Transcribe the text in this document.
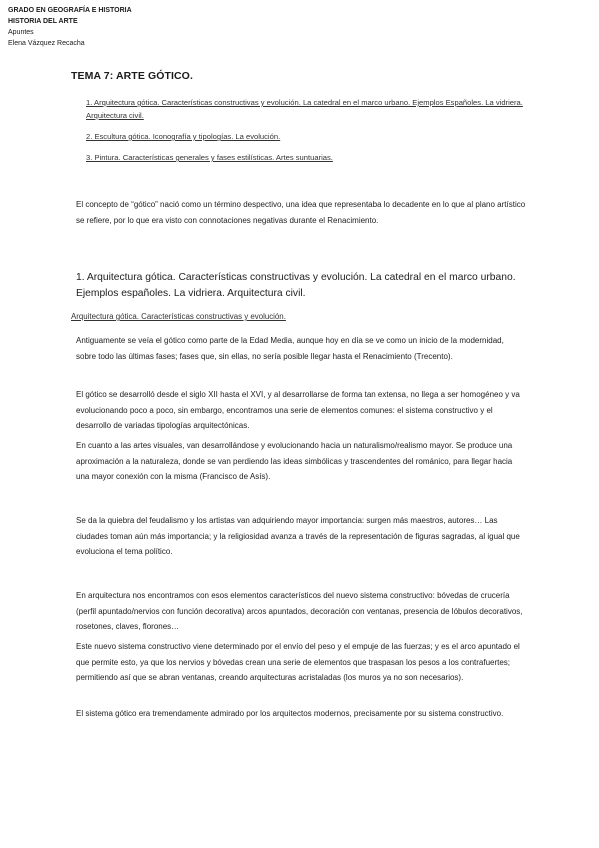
GRADO EN GEOGRAFÍA E HISTORIA
HISTORIA DEL ARTE
Apuntes
Elena Vázquez Recacha
TEMA 7: ARTE GÓTICO.

1. Arquitectura gótica. Características constructivas y evolución. La catedral en el marco urbano. Ejemplos Españoles. La vidriera. Arquitectura civil.

2. Escultura gótica. Iconografía y tipologías. La evolución.

3. Pintura. Características generales y fases estilísticas. Artes suntuarias.

El concepto de “gótico” nació como un término despectivo, una idea que representaba lo decadente en lo que al plano artístico se refiere, por lo que era visto con connotaciones negativas durante el Renacimiento.

1. Arquitectura gótica. Características constructivas y evolución. La catedral en el marco urbano. Ejemplos españoles. La vidriera. Arquitectura civil.
Arquitectura gótica. Características constructivas y evolución.

Antiguamente se veía el gótico como parte de la Edad Media, aunque hoy en día se ve como un inicio de la modernidad, sobre todo las últimas fases; fases que, sin ellas, no sería posible llegar hasta el Renacimiento (Trecento).

El gótico se desarrolló desde el siglo XII hasta el XVI, y al desarrollarse de forma tan extensa, no llega a ser homogéneo y va evolucionando poco a poco, sin embargo, encontramos una serie de elementos comunes: el sistema constructivo y el desarrollo de variadas tipologías arquitectónicas.

En cuanto a las artes visuales, van desarrollándose y evolucionando hacia un naturalismo/realismo mayor. Se produce una aproximación a la naturaleza, donde se van perdiendo las ideas simbólicas y trascendentes del románico, para llegar hacia una mayor conexión con la misma (Francisco de Asís).

Se da la quiebra del feudalismo y los artistas van adquiriendo mayor importancia: surgen más maestros, autores… Las ciudades toman aún más importancia; y la religiosidad avanza a través de la representación de figuras sagradas, al igual que evoluciona el tema político.

En arquitectura nos encontramos con esos elementos característicos del nuevo sistema constructivo: bóvedas de crucería (perfil apuntado/nervios con función decorativa) arcos apuntados, decoración con ventanas, presencia de lóbulos decorativos, rosetones, claves, florones…

Este nuevo sistema constructivo viene determinado por el envío del peso y el empuje de las fuerzas; y es el arco apuntado el que permite esto, ya que los nervios y bóvedas crean una serie de elementos que traspasan los pesos a los contrafuertes; permitiendo así que se abran ventanas, creando arquitecturas acristaladas (los muros ya no son necesarios).

El sistema gótico era tremendamente admirado por los arquitectos modernos, precisamente por su sistema constructivo.
